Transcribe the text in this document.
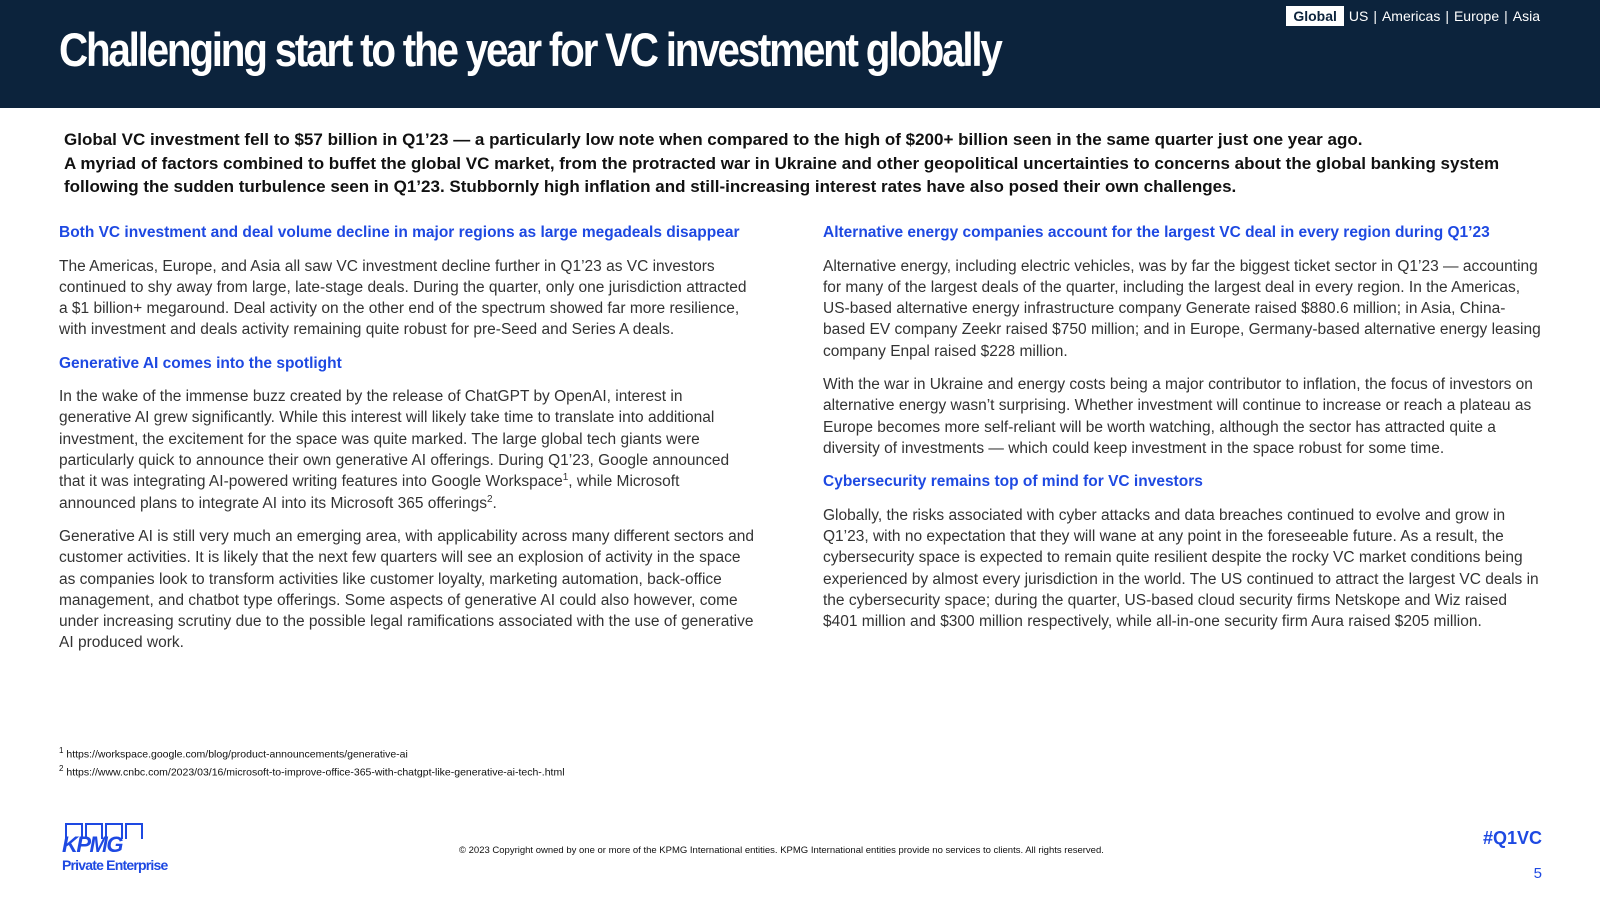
Challenging start to the year for VC investment globally
Global US | Americas | Europe | Asia

Global VC investment fell to $57 billion in Q1’23 — a particularly low note when compared to the high of $200+ billion seen in the same quarter just one year ago.

A myriad of factors combined to buffet the global VC market, from the protracted war in Ukraine and other geopolitical uncertainties to concerns about the global banking system following the sudden turbulence seen in Q1’23. Stubbornly high inflation and still-increasing interest rates have also posed their own challenges.

Both VC investment and deal volume decline in major regions as large megadeals disappear

The Americas, Europe, and Asia all saw VC investment decline further in Q1’23 as VC investors continued to shy away from large, late-stage deals. During the quarter, only one jurisdiction attracted a $1 billion+ megaround. Deal activity on the other end of the spectrum showed far more resilience, with investment and deals activity remaining quite robust for pre-Seed and Series A deals.

Generative AI comes into the spotlight

In the wake of the immense buzz created by the release of ChatGPT by OpenAI, interest in generative AI grew significantly. While this interest will likely take time to translate into additional investment, the excitement for the space was quite marked. The large global tech giants were particularly quick to announce their own generative AI offerings. During Q1’23, Google announced that it was integrating AI-powered writing features into Google Workspace$^1$, while Microsoft announced plans to integrate AI into its Microsoft 365 offerings$^2$.

Generative AI is still very much an emerging area, with applicability across many different sectors and customer activities. It is likely that the next few quarters will see an explosion of activity in the space as companies look to transform activities like customer loyalty, marketing automation, back-office management, and chatbot type offerings. Some aspects of generative AI could also however, come under increasing scrutiny due to the possible legal ramifications associated with the use of generative AI produced work.

Alternative energy companies account for the largest VC deal in every region during Q1’23

Alternative energy, including electric vehicles, was by far the biggest ticket sector in Q1’23 — accounting for many of the largest deals of the quarter, including the largest deal in every region. In the Americas, US-based alternative energy infrastructure company Generate raised $880.6 million; in Asia, China-based EV company Zeekr raised $750 million; and in Europe, Germany-based alternative energy leasing company Enpal raised $228 million.

With the war in Ukraine and energy costs being a major contributor to inflation, the focus of investors on alternative energy wasn’t surprising. Whether investment will continue to increase or reach a plateau as Europe becomes more self-reliant will be worth watching, although the sector has attracted quite a diversity of investments — which could keep investment in the space robust for some time.

Cybersecurity remains top of mind for VC investors

Globally, the risks associated with cyber attacks and data breaches continued to evolve and grow in Q1’23, with no expectation that they will wane at any point in the foreseeable future. As a result, the cybersecurity space is expected to remain quite resilient despite the rocky VC market conditions being experienced by almost every jurisdiction in the world. The US continued to attract the largest VC deals in the cybersecurity space; during the quarter, US-based cloud security firms Netskope and Wiz raised $401 million and $300 million respectively, while all-in-one security firm Aura raised $205 million.

$^1$ https://workspace.google.com/blog/product-announcements/generative-ai
$^2$ https://www.cnbc.com/2023/03/16/microsoft-to-improve-office-365-with-chatgpt-like-generative-ai-tech-.html
KPMG
Private Enterprise
© 2023 Copyright owned by one or more of the KPMG International entities. KPMG International entities provide no services to clients. All rights reserved.
#Q1VC
5
